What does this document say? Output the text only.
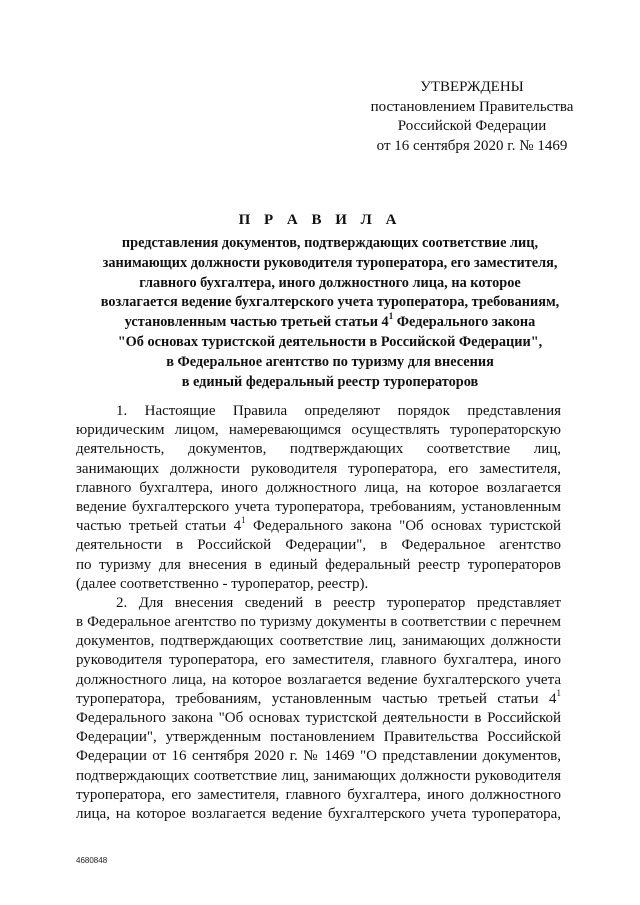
УТВЕРЖДЕНЫ
постановлением Правительства
Российской Федерации
от 16 сентября 2020 г. № 1469
П Р А В И Л А
представления документов, подтверждающих соответствие лиц,
занимающих должности руководителя туроператора, его заместителя,
главного бухгалтера, иного должностного лица, на которое
возлагается ведение бухгалтерского учета туроператора, требованиям,
установленным частью третьей статьи $4^1$ Федерального закона
"Об основах туристской деятельности в Российской Федерации",
в Федеральное агентство по туризму для внесения
в единый федеральный реестр туроператоров
1. Настоящие Правила определяют порядок представления
юридическим лицом, намеревающимся осуществлять туроператорскую
деятельность, документов, подтверждающих соответствие лиц,
занимающих должности руководителя туроператора, его заместителя,
главного бухгалтера, иного должностного лица, на которое возлагается
ведение бухгалтерского учета туроператора, требованиям, установленным
частью третьей статьи $4^1$ Федерального закона "Об основах туристской
деятельности в Российской Федерации", в Федеральное агентство
по туризму для внесения в единый федеральный реестр туроператоров
(далее соответственно - туроператор, реестр).
2. Для внесения сведений в реестр туроператор представляет
в Федеральное агентство по туризму документы в соответствии с перечнем
документов, подтверждающих соответствие лиц, занимающих должности
руководителя туроператора, его заместителя, главного бухгалтера, иного
должностного лица, на которое возлагается ведение бухгалтерского учета
туроператора, требованиям, установленным частью третьей статьи $4^1$
Федерального закона "Об основах туристской деятельности в Российской
Федерации", утвержденным постановлением Правительства Российской
Федерации от 16 сентября 2020 г. № 1469 "О представлении документов,
подтверждающих соответствие лиц, занимающих должности руководителя
туроператора, его заместителя, главного бухгалтера, иного должностного
лица, на которое возлагается ведение бухгалтерского учета туроператора,
4680848
